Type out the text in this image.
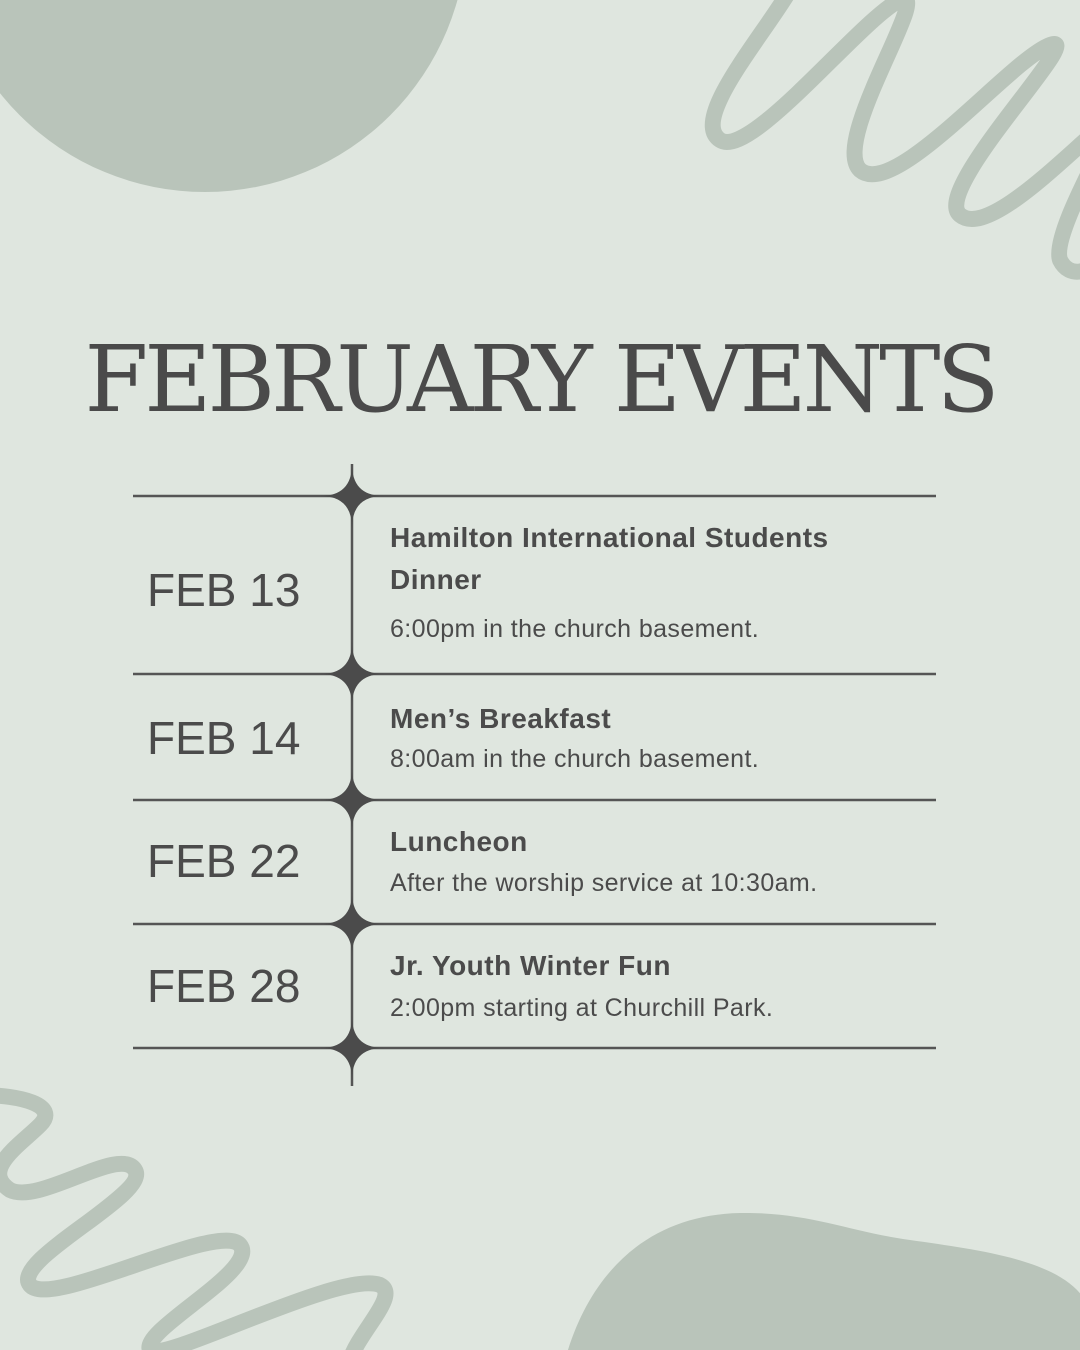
FEBRUARY EVENTS
FEB 13
Hamilton International Students Dinner
6:00pm in the church basement.
FEB 14	Men’s Breakfast
8:00am in the church basement.
FEB 22	Luncheon
After the worship service at 10:30am.
FEB 28	Jr. Youth Winter Fun
2:00pm starting at Churchill Park.
